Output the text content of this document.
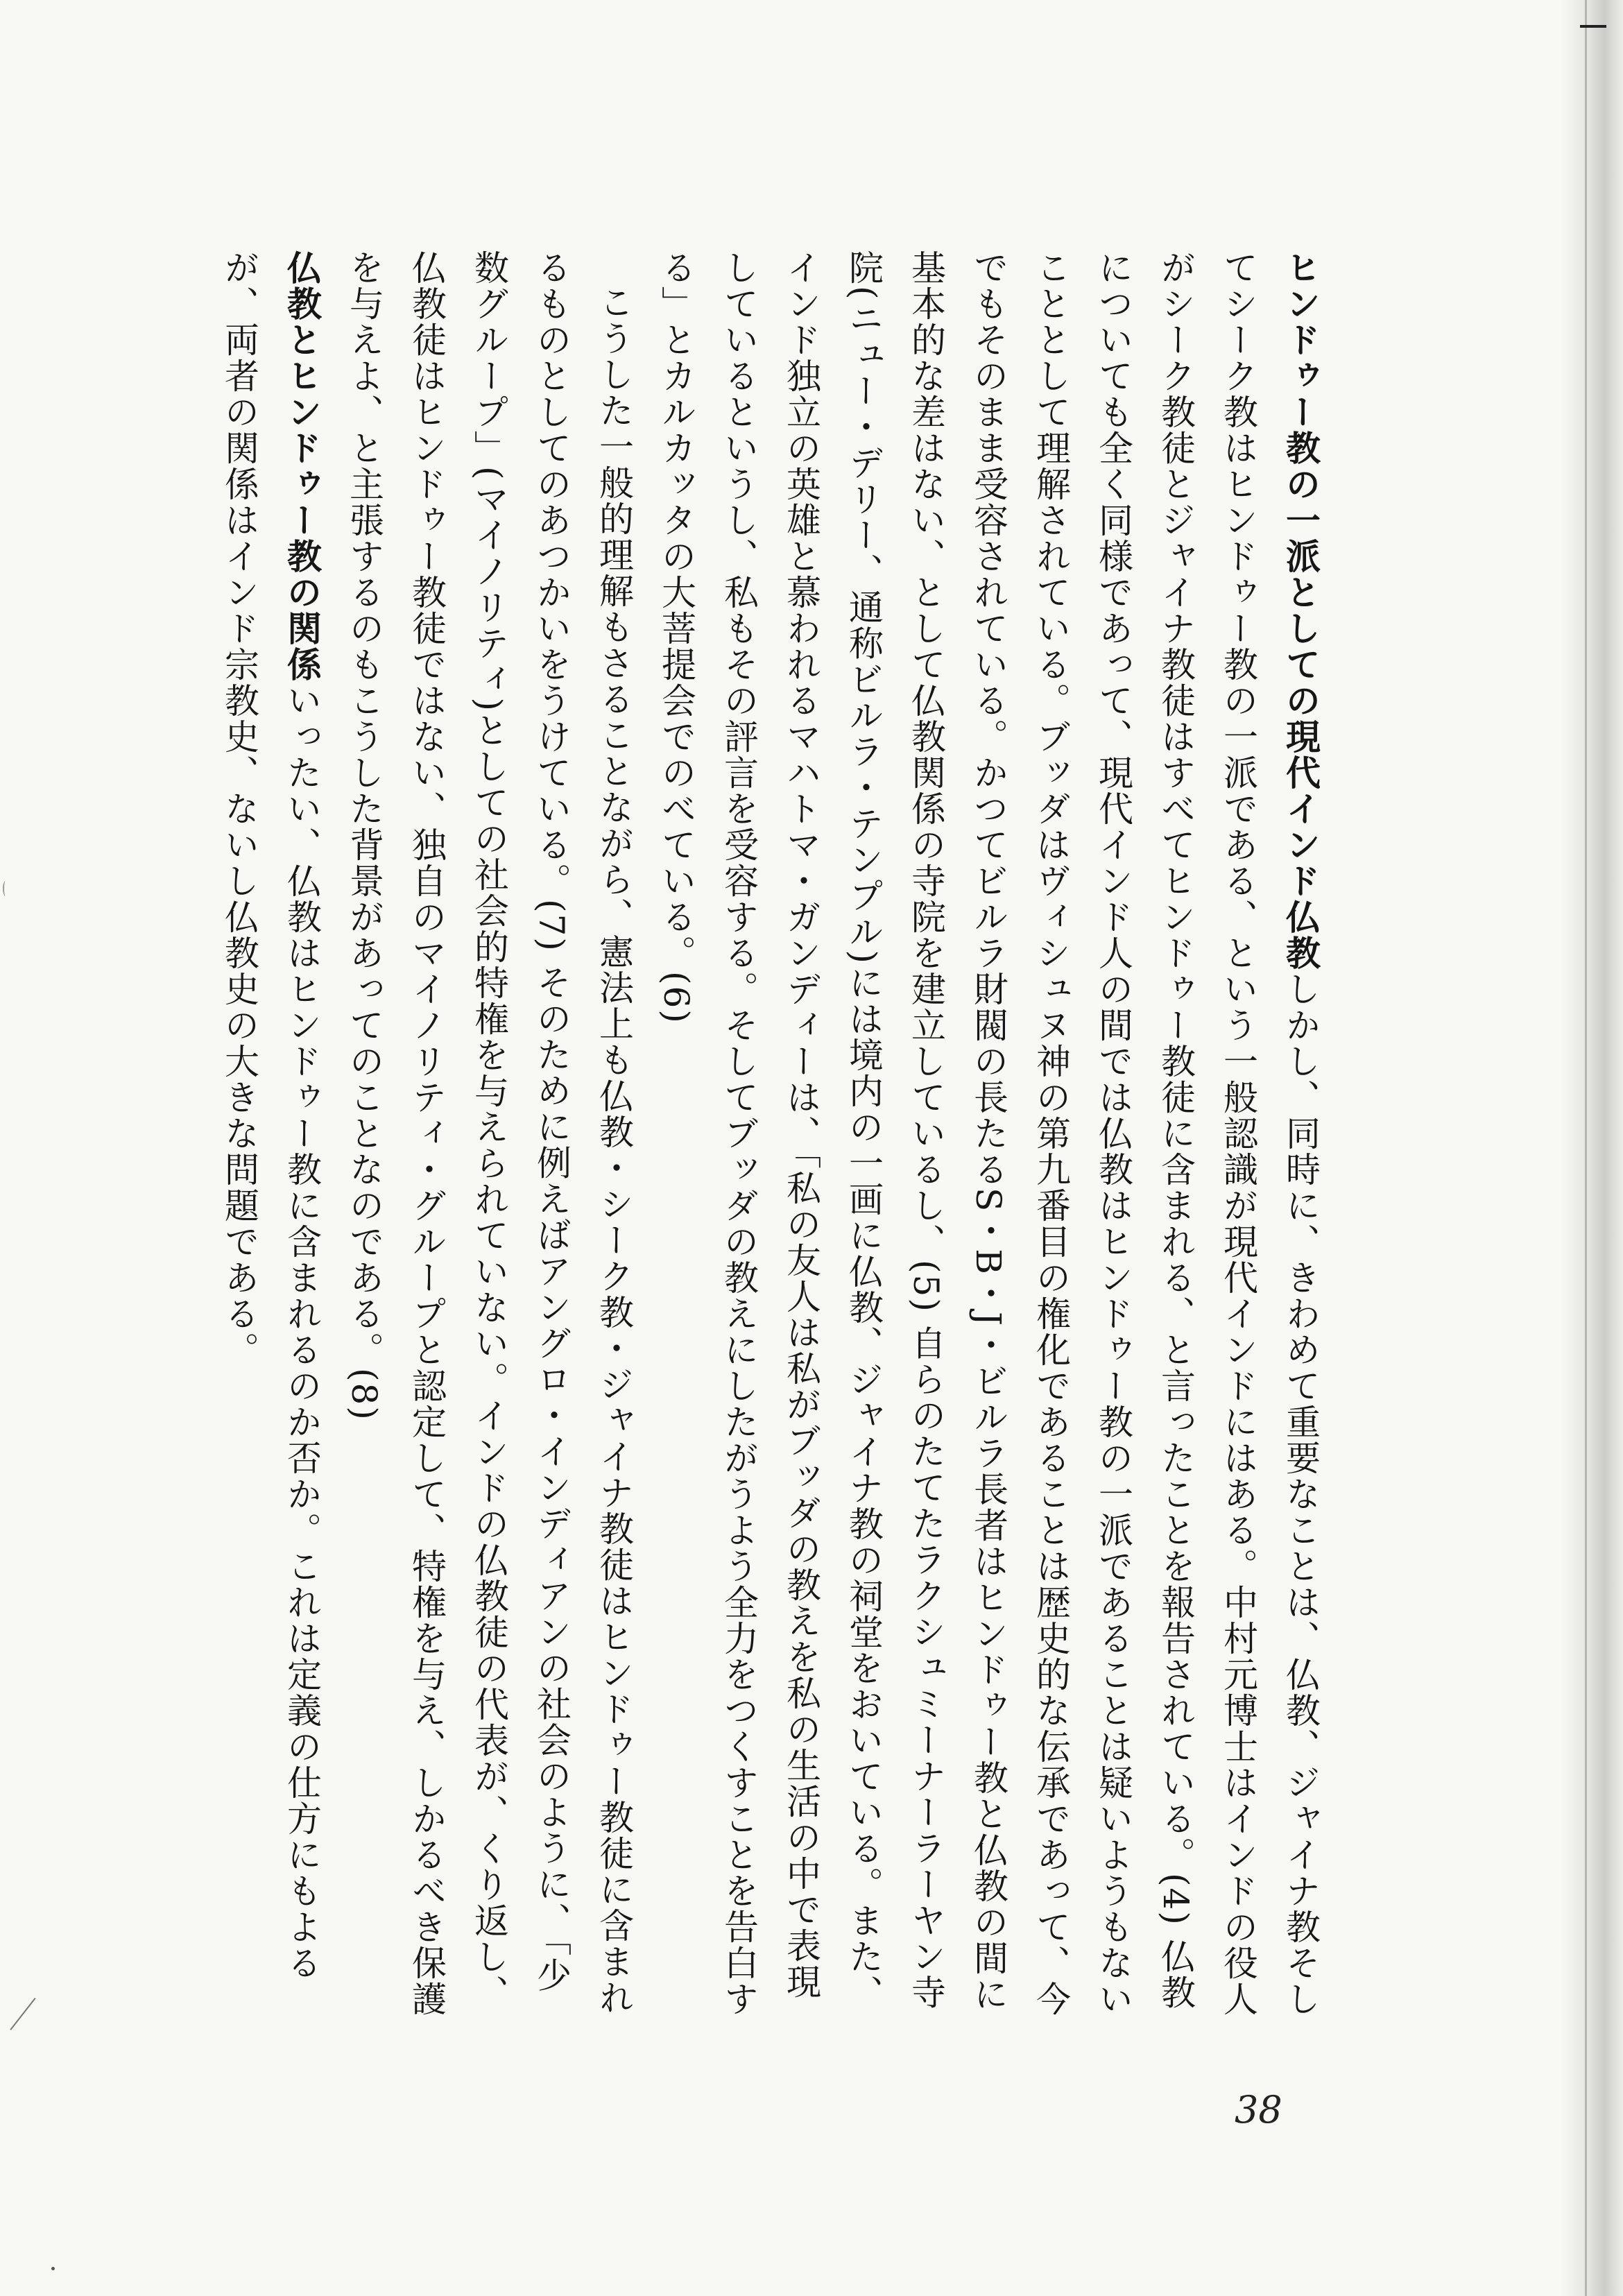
ヒンドゥー教の一派としての現代インド仏教しかし、同時に、きわめて重要なことは、仏教、ジャイナ教そしてシーク教はヒンドゥー教の一派である、という一般認識が現代インドにはある。中村元博士はインドの役人がシーク教徒とジャイナ教徒はすべてヒンドゥー教徒に含まれる、と言ったことを報告されている。(4) 仏教についても全く同様であって、現代インド人の間では仏教はヒンドゥー教の一派であることは疑いようもないこととして理解されている。ブッダはヴィシュヌ神の第九番目の権化であることは歴史的な伝承であって、今でもそのまま受容されている。かつてビルラ財閥の長たるS・B・J・ビルラ長者はヒンドゥー教と仏教の間に基本的な差はない、として仏教関係の寺院を建立しているし、(5) 自らのたてたラクシュミーナーラーヤン寺院(ニュー・デリー、通称ビルラ・テンプル)には境内の一画に仏教、ジャイナ教の祠堂をおいている。また、インド独立の英雄と慕われるマハトマ・ガンディーは、「私の友人は私がブッダの教えを私の生活の中で表現しているというし、私もその評言を受容する。そしてブッダの教えにしたがうよう全力をつくすことを告白する」とカルカッタの大菩提会でのべている。(6)

こうした一般的理解もさることながら、憲法上も仏教・シーク教・ジャイナ教徒はヒンドゥー教徒に含まれるものとしてのあつかいをうけている。(7) そのために例えばアングロ・インディアンの社会のように、「少数グループ」(マイノリティ)としての社会的特権を与えられていない。インドの仏教徒の代表が、くり返し、仏教徒はヒンドゥー教徒ではない、独自のマイノリティ・グループと認定して、特権を与え、しかるべき保護を与えよ、と主張するのもこうした背景があってのことなのである。(8)

仏教とヒンドゥー教の関係いったい、仏教はヒンドゥー教に含まれるのか否か。これは定義の仕方にもよるが、両者の関係はインド宗教史、ないし仏教史の大きな問題である。

38
